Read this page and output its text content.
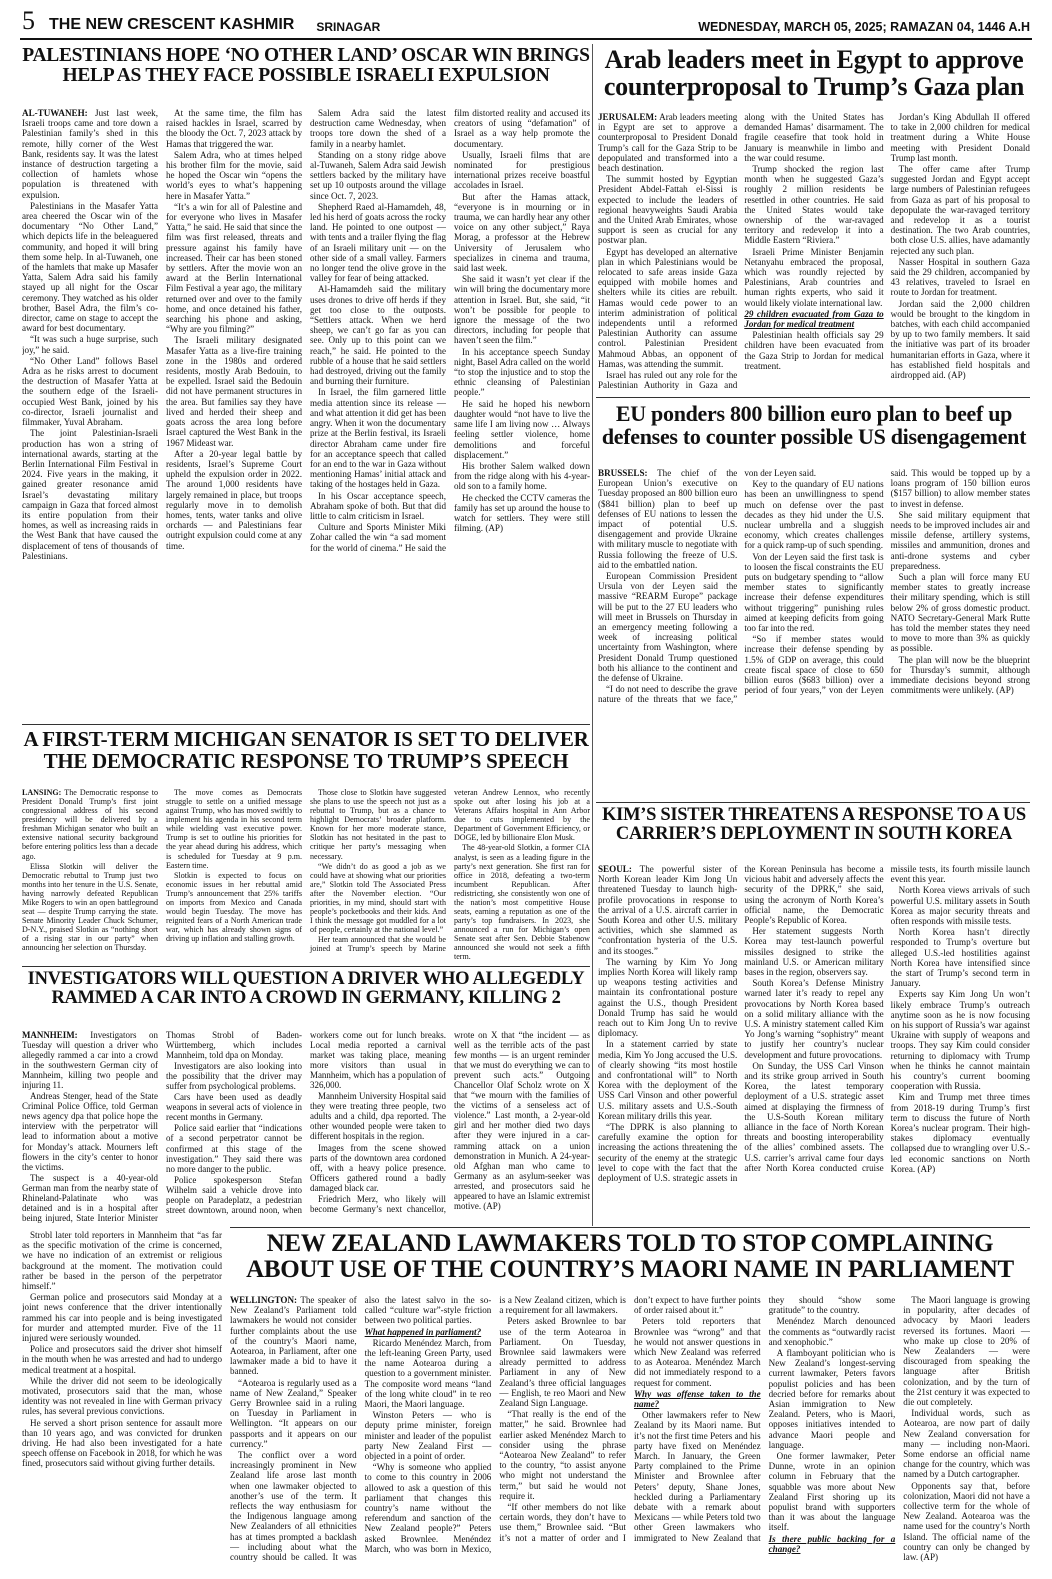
5 THE NEW CRESCENT KASHMIR SRINAGAR	WEDNESDAY, MARCH 05, 2025; RAMAZAN 04, 1446 A.H
PALESTINIANS HOPE ‘NO OTHER LAND’ OSCAR WIN BRINGS HELP AS THEY FACE POSSIBLE ISRAELI EXPULSION

AL-TUWANEH: Just last week, Israeli troops came and tore down a Palestinian family’s shed in this remote, hilly corner of the West Bank, residents say. It was the latest instance of destruction targeting a collection of hamlets whose population is threatened with expulsion.

Palestinians in the Masafer Yatta area cheered the Oscar win of the documentary “No Other Land,” which depicts life in the beleaguered community, and hoped it will bring them some help. In al-Tuwaneh, one of the hamlets that make up Masafer Yatta, Salem Adra said his family stayed up all night for the Oscar ceremony. They watched as his older brother, Basel Adra, the film’s co-director, came on stage to accept the award for best documentary.

“It was such a huge surprise, such joy,” he said.

“No Other Land” follows Basel Adra as he risks arrest to document the destruction of Masafer Yatta at the southern edge of the Israeli-occupied West Bank, joined by his co-director, Israeli journalist and filmmaker, Yuval Abraham.

The joint Palestinian-Israeli production has won a string of international awards, starting at the Berlin International Film Festival in 2024. Five years in the making, it gained greater resonance amid Israel’s devastating military campaign in Gaza that forced almost its entire population from their homes, as well as increasing raids in the West Bank that have caused the displacement of tens of thousands of Palestinians.

At the same time, the film has raised hackles in Israel, scarred by the bloody the Oct. 7, 2023 attack by Hamas that triggered the war.

Salem Adra, who at times helped his brother film for the movie, said he hoped the Oscar win “opens the world’s eyes to what’s happening here in Masafer Yatta.”

“It’s a win for all of Palestine and for everyone who lives in Masafer Yatta,” he said. He said that since the film was first released, threats and pressure against his family have increased. Their car has been stoned by settlers. After the movie won an award at the Berlin International Film Festival a year ago, the military returned over and over to the family home, and once detained his father, searching his phone and asking, “Why are you filming?”

The Israeli military designated Masafer Yatta as a live-fire training zone in the 1980s and ordered residents, mostly Arab Bedouin, to be expelled. Israel said the Bedouin did not have permanent structures in the area. But families say they have lived and herded their sheep and goats across the area long before Israel captured the West Bank in the 1967 Mideast war.

After a 20-year legal battle by residents, Israel’s Supreme Court upheld the expulsion order in 2022. The around 1,000 residents have largely remained in place, but troops regularly move in to demolish homes, tents, water tanks and olive orchards — and Palestinians fear outright expulsion could come at any time.

Salem Adra said the latest destruction came Wednesday, when troops tore down the shed of a family in a nearby hamlet.

Standing on a stony ridge above al-Tuwaneh, Salem Adra said Jewish settlers backed by the military have set up 10 outposts around the village since Oct. 7, 2023.

Shepherd Raed al-Hamamdeh, 48, led his herd of goats across the rocky land. He pointed to one outpost — with tents and a trailer flying the flag of an Israeli military unit — on the other side of a small valley. Farmers no longer tend the olive grove in the valley for fear of being attacked.

Al-Hamamdeh said the military uses drones to drive off herds if they get too close to the outposts. “Settlers attack. When we herd sheep, we can’t go far as you can see. Only up to this point can we reach,” he said. He pointed to the rubble of a house that he said settlers had destroyed, driving out the family and burning their furniture.

In Israel, the film garnered little media attention since its release — and what attention it did get has been angry. When it won the documentary prize at the Berlin festival, its Israeli director Abraham came under fire for an acceptance speech that called for an end to the war in Gaza without mentioning Hamas’ initial attack and taking of the hostages held in Gaza.

In his Oscar acceptance speech, Abraham spoke of both. But that did little to calm criticism in Israel.

Culture and Sports Minister Miki Zohar called the win “a sad moment for the world of cinema.” He said the film distorted reality and accused its creators of using “defamation” of Israel as a way help promote the documentary.

Usually, Israeli films that are nominated for prestigious international prizes receive boastful accolades in Israel.

But after the Hamas attack, “everyone is in mourning or in trauma, we can hardly hear any other voice on any other subject,” Raya Morag, a professor at the Hebrew University of Jerusalem who specializes in cinema and trauma, said last week.

She said it wasn’t yet clear if the win will bring the documentary more attention in Israel. But, she said, “it won’t be possible for people to ignore the message of the two directors, including for people that haven’t seen the film.”

In his acceptance speech Sunday night, Basel Adra called on the world “to stop the injustice and to stop the ethnic cleansing of Palestinian people.”

He said he hoped his newborn daughter would “not have to live the same life I am living now … Always feeling settler violence, home demolitions and forceful displacement.”

His brother Salem walked down from the ridge along with his 4-year-old son to a family home.

He checked the CCTV cameras the family has set up around the house to watch for settlers. They were still filming. (AP)

Arab leaders meet in Egypt to approve counterproposal to Trump’s Gaza plan

JERUSALEM: Arab leaders meeting in Egypt are set to approve a counterproposal to President Donald Trump’s call for the Gaza Strip to be depopulated and transformed into a beach destination.

The summit hosted by Egyptian President Abdel-Fattah el-Sissi is expected to include the leaders of regional heavyweights Saudi Arabia and the United Arab Emirates, whose support is seen as crucial for any postwar plan.

Egypt has developed an alternative plan in which Palestinians would be relocated to safe areas inside Gaza equipped with mobile homes and shelters while its cities are rebuilt. Hamas would cede power to an interim administration of political independents until a reformed Palestinian Authority can assume control. Palestinian President Mahmoud Abbas, an opponent of Hamas, was attending the summit.

Israel has ruled out any role for the Palestinian Authority in Gaza and along with the United States has demanded Hamas’ disarmament. The fragile ceasefire that took hold in January is meanwhile in limbo and the war could resume.

Trump shocked the region last month when he suggested Gaza’s roughly 2 million residents be resettled in other countries. He said the United States would take ownership of the war-ravaged territory and redevelop it into a Middle Eastern “Riviera.”

Israeli Prime Minister Benjamin Netanyahu embraced the proposal, which was roundly rejected by Palestinians, Arab countries and human rights experts, who said it would likely violate international law.

29 children evacuated from Gaza to Jordan for medical treatment

Palestinian health officials say 29 children have been evacuated from the Gaza Strip to Jordan for medical treatment.

Jordan’s King Abdullah II offered to take in 2,000 children for medical treatment during a White House meeting with President Donald Trump last month.

The offer came after Trump suggested Jordan and Egypt accept large numbers of Palestinian refugees from Gaza as part of his proposal to depopulate the war-ravaged territory and redevelop it as a tourist destination. The two Arab countries, both close U.S. allies, have adamantly rejected any such plan.

Nasser Hospital in southern Gaza said the 29 children, accompanied by 43 relatives, traveled to Israel en route to Jordan for treatment.

Jordan said the 2,000 children would be brought to the kingdom in batches, with each child accompanied by up to two family members. It said the initiative was part of its broader humanitarian efforts in Gaza, where it has established field hospitals and airdropped aid. (AP)

EU ponders 800 billion euro plan to beef up defenses to counter possible US disengagement

BRUSSELS: The chief of the European Union’s executive on Tuesday proposed an 800 billion euro ($841 billion) plan to beef up defenses of EU nations to lessen the impact of potential U.S. disengagement and provide Ukraine with military muscle to negotiate with Russia following the freeze of U.S. aid to the embattled nation.

European Commission President Ursula von der Leyen said the massive “REARM Europe” package will be put to the 27 EU leaders who will meet in Brussels on Thursday in an emergency meeting following a week of increasing political uncertainty from Washington, where President Donald Trump questioned both his alliance to the continent and the defense of Ukraine.

“I do not need to describe the grave nature of the threats that we face,” von der Leyen said.

Key to the quandary of EU nations has been an unwillingness to spend much on defense over the past decades as they hid under the U.S. nuclear umbrella and a sluggish economy, which creates challenges for a quick ramp-up of such spending.

Von der Leyen said the first task is to loosen the fiscal constraints the EU puts on budgetary spending to “allow member states to significantly increase their defense expenditures without triggering” punishing rules aimed at keeping deficits from going too far into the red.

“So if member states would increase their defense spending by 1.5% of GDP on average, this could create fiscal space of close to 650 billion euros ($683 billion) over a period of four years,” von der Leyen said. This would be topped up by a loans program of 150 billion euros ($157 billion) to allow member states to invest in defense.

She said military equipment that needs to be improved includes air and missile defense, artillery systems, missiles and ammunition, drones and anti-drone systems and cyber preparedness.

Such a plan will force many EU member states to greatly increase their military spending, which is still below 2% of gross domestic product. NATO Secretary-General Mark Rutte has told the member states they need to move to more than 3% as quickly as possible.

The plan will now be the blueprint for Thursday’s summit, although immediate decisions beyond strong commitments were unlikely. (AP)

A FIRST-TERM MICHIGAN SENATOR IS SET TO DELIVER THE DEMOCRATIC RESPONSE TO TRUMP’S SPEECH

LANSING: The Democratic response to President Donald Trump’s first joint congressional address of his second presidency will be delivered by a freshman Michigan senator who built an extensive national security background before entering politics less than a decade ago.

Elissa Slotkin will deliver the Democratic rebuttal to Trump just two months into her tenure in the U.S. Senate, having narrowly defeated Republican Mike Rogers to win an open battleground seat — despite Trump carrying the state. Senate Minority Leader Chuck Schumer, D-N.Y., praised Slotkin as “nothing short of a rising star in our party” when announcing her selection on Thursday.

The move comes as Democrats struggle to settle on a unified message against Trump, who has moved swiftly to implement his agenda in his second term while wielding vast executive power. Trump is set to outline his priorities for the year ahead during his address, which is scheduled for Tuesday at 9 p.m. Eastern time.

Slotkin is expected to focus on economic issues in her rebuttal amid Trump’s announcement that 25% tariffs on imports from Mexico and Canada would begin Tuesday. The move has reignited fears of a North American trade war, which has already shown signs of driving up inflation and stalling growth.

Those close to Slotkin have suggested she plans to use the speech not just as a rebuttal to Trump, but as a chance to highlight Democrats’ broader platform. Known for her more moderate stance, Slotkin has not hesitated in the past to critique her party’s messaging when necessary.

“We didn’t do as good a job as we could have at showing what our priorities are,” Slotkin told The Associated Press after the November election. “Our priorities, in my mind, should start with people’s pocketbooks and their kids. And I think the message got muddled for a lot of people, certainly at the national level.”

Her team announced that she would be joined at Trump’s speech by Marine veteran Andrew Lennox, who recently spoke out after losing his job at a Veterans Affairs hospital in Ann Arbor due to cuts implemented by the Department of Government Efficiency, or DOGE, led by billionaire Elon Musk.

The 48-year-old Slotkin, a former CIA analyst, is seen as a leading figure in the party’s next generation. She first ran for office in 2018, defeating a two-term incumbent Republican. After redistricting, she consistently won one of the nation’s most competitive House seats, earning a reputation as one of the party’s top fundraisers. In 2023, she announced a run for Michigan’s open Senate seat after Sen. Debbie Stabenow announced she would not seek a fifth term.

KIM’S SISTER THREATENS A RESPONSE TO A US CARRIER’S DEPLOYMENT IN SOUTH KOREA

SEOUL: The powerful sister of North Korean leader Kim Jong Un threatened Tuesday to launch high-profile provocations in response to the arrival of a U.S. aircraft carrier in South Korea and other U.S. military activities, which she slammed as “confrontation hysteria of the U.S. and its stooges.”

The warning by Kim Yo Jong implies North Korea will likely ramp up weapons testing activities and maintain its confrontational posture against the U.S., though President Donald Trump has said he would reach out to Kim Jong Un to revive diplomacy.

In a statement carried by state media, Kim Yo Jong accused the U.S. of clearly showing “its most hostile and confrontational will” to North Korea with the deployment of the USS Carl Vinson and other powerful U.S. military assets and U.S.-South Korean military drills this year.

“The DPRK is also planning to carefully examine the option for increasing the actions threatening the security of the enemy at the strategic level to cope with the fact that the deployment of U.S. strategic assets in the Korean Peninsula has become a vicious habit and adversely affects the security of the DPRK,” she said, using the acronym of North Korea’s official name, the Democratic People’s Republic of Korea.

Her statement suggests North Korea may test-launch powerful missiles designed to strike the mainland U.S. or American military bases in the region, observers say.

South Korea’s Defense Ministry warned later it’s ready to repel any provocations by North Korea based on a solid military alliance with the U.S. A ministry statement called Kim Yo Jong’s warning “sophistry” meant to justify her country’s nuclear development and future provocations.

On Sunday, the USS Carl Vinson and its strike group arrived in South Korea, the latest temporary deployment of a U.S. strategic asset aimed at displaying the firmness of the U.S-South Korean military alliance in the face of North Korean threats and boosting interoperability of the allies’ combined assets. The U.S. carrier’s arrival came four days after North Korea conducted cruise missile tests, its fourth missile launch event this year.

North Korea views arrivals of such powerful U.S. military assets in South Korea as major security threats and often responds with missile tests.

North Korea hasn’t directly responded to Trump’s overture but alleged U.S.-led hostilities against North Korea have intensified since the start of Trump’s second term in January.

Experts say Kim Jong Un won’t likely embrace Trump’s outreach anytime soon as he is now focusing on his support of Russia’s war against Ukraine with supply of weapons and troops. They say Kim could consider returning to diplomacy with Trump when he thinks he cannot maintain his country’s current booming cooperation with Russia.

Kim and Trump met three times from 2018-19 during Trump’s first term to discuss the future of North Korea’s nuclear program. Their high-stakes diplomacy eventually collapsed due to wrangling over U.S.-led economic sanctions on North Korea. (AP)

INVESTIGATORS WILL QUESTION A DRIVER WHO ALLEGEDLY RAMMED A CAR INTO A CROWD IN GERMANY, KILLING 2

MANNHEIM: Investigators on Tuesday will question a driver who allegedly rammed a car into a crowd in the southwestern German city of Mannheim, killing two people and injuring 11.

Andreas Stenger, head of the State Criminal Police Office, told German news agency dpa that police hope the interview with the perpetrator will lead to information about a motive for Monday’s attack. Mourners left flowers in the city’s center to honor the victims.

The suspect is a 40-year-old German man from the nearby state of Rhineland-Palatinate who was detained and is in a hospital after being injured, State Interior Minister Thomas Strobl of Baden-Württemberg, which includes Mannheim, told dpa on Monday.

Investigators are also looking into the possibility that the driver may suffer from psychological problems.

Cars have been used as deadly weapons in several acts of violence in recent months in Germany.

Police said earlier that “indications of a second perpetrator cannot be confirmed at this stage of the investigation.” They said there was no more danger to the public.

Police spokesperson Stefan Wilhelm said a vehicle drove into people on Paradeplatz, a pedestrian street downtown, around noon, when workers come out for lunch breaks. Local media reported a carnival market was taking place, meaning more visitors than usual in Mannheim, which has a population of 326,000.

Mannheim University Hospital said they were treating three people, two adults and a child, dpa reported. The other wounded people were taken to different hospitals in the region.

Images from the scene showed parts of the downtown area cordoned off, with a heavy police presence. Officers gathered round a badly damaged black car.

Friedrich Merz, who likely will become Germany’s next chancellor, wrote on X that “the incident — as well as the terrible acts of the past few months — is an urgent reminder that we must do everything we can to prevent such acts.” Outgoing Chancellor Olaf Scholz wrote on X that “we mourn with the families of the victims of a senseless act of violence.” Last month, a 2-year-old girl and her mother died two days after they were injured in a car-ramming attack on a union demonstration in Munich. A 24-year-old Afghan man who came to Germany as an asylum-seeker was arrested, and prosecutors said he appeared to have an Islamic extremist motive. (AP)

Strobl later told reporters in Mannheim that “as far as the specific motivation of the crime is concerned, we have no indication of an extremist or religious background at the moment. The motivation could rather be based in the person of the perpetrator himself.”

German police and prosecutors said Monday at a joint news conference that the driver intentionally rammed his car into people and is being investigated for murder and attempted murder. Five of the 11 injured were seriously wounded.

Police and prosecutors said the driver shot himself in the mouth when he was arrested and had to undergo medical treatment at a hospital.

While the driver did not seem to be ideologically motivated, prosecutors said that the man, whose identity was not revealed in line with German privacy rules, has several previous convictions.

He served a short prison sentence for assault more than 10 years ago, and was convicted for drunken driving. He had also been investigated for a hate speech offense on Facebook in 2018, for which he was fined, prosecutors said without giving further details.

NEW ZEALAND LAWMAKERS TOLD TO STOP COMPLAINING ABOUT USE OF THE COUNTRY’S MAORI NAME IN PARLIAMENT

WELLINGTON: The speaker of New Zealand’s Parliament told lawmakers he would not consider further complaints about the use of the country’s Maori name, Aotearoa, in Parliament, after one lawmaker made a bid to have it banned.

“Aotearoa is regularly used as a name of New Zealand,” Speaker Gerry Brownlee said in a ruling on Tuesday in Parliament in Wellington. “It appears on our passports and it appears on our currency.”

The conflict over a word increasingly prominent in New Zealand life arose last month when one lawmaker objected to another’s use of the term. It reflects the way enthusiasm for the Indigenous language among New Zealanders of all ethnicities has at times prompted a backlash — including about what the country should be called. It was also the latest salvo in the so-called “culture war”-style friction between two political parties.

What happened in parliament?

Ricardo Menéndez March, from the left-leaning Green Party, used the name Aotearoa during a question to a government minister. The composite word means “land of the long white cloud” in te reo Maori, the Maori language.

Winston Peters — who is deputy prime minister, foreign minister and leader of the populist party New Zealand First — objected in a point of order.

“Why is someone who applied to come to this country in 2006 allowed to ask a question of this parliament that changes this country’s name without the referendum and sanction of the New Zealand people?” Peters asked Brownlee. Menéndez March, who was born in Mexico, is a New Zealand citizen, which is a requirement for all lawmakers.

Peters asked Brownlee to bar use of the term Aotearoa in Parliament. On Tuesday, Brownlee said lawmakers were already permitted to address Parliament in any of New Zealand’s three official languages — English, te reo Maori and New Zealand Sign Language.

“That really is the end of the matter,” he said. Brownlee had earlier asked Menéndez March to consider using the phrase “Aotearoa New Zealand” to refer to the country, “to assist anyone who might not understand the term,” but said he would not require it.

“If other members do not like certain words, they don’t have to use them,” Brownlee said. “But it’s not a matter of order and I don’t expect to have further points of order raised about it.”

Peters told reporters that Brownlee was “wrong” and that he would not answer questions in which New Zealand was referred to as Aotearoa. Menéndez March did not immediately respond to a request for comment.

Why was offense taken to the name?

Other lawmakers refer to New Zealand by its Maori name. But it’s not the first time Peters and his party have fixed on Menéndez March. In January, the Green Party complained to the Prime Minister and Brownlee after Peters’ deputy, Shane Jones, heckled during a Parliamentary debate with a remark about Mexicans — while Peters told two other Green lawmakers who immigrated to New Zealand that they should “show some gratitude” to the country.

Menéndez March denounced the comments as “outwardly racist and xenophobic.”

A flamboyant politician who is New Zealand’s longest-serving current lawmaker, Peters favors populist policies and has been decried before for remarks about Asian immigration to New Zealand. Peters, who is Maori, opposes initiatives intended to advance Maori people and language.

One former lawmaker, Peter Dunne, wrote in an opinion column in February that the squabble was more about New Zealand First shoring up its populist brand with supporters than it was about the language itself.

Is there public backing for a change?

The Maori language is growing in popularity, after decades of advocacy by Maori leaders reversed its fortunes. Maori — who make up close to 20% of New Zealanders — were discouraged from speaking the language after British colonization, and by the turn of the 21st century it was expected to die out completely.

Individual words, such as Aotearoa, are now part of daily New Zealand conversation for many — including non-Maori. Some endorse an official name change for the country, which was named by a Dutch cartographer.

Opponents say that, before colonization, Maori did not have a collective term for the whole of New Zealand. Aotearoa was the name used for the country’s North Island. The official name of the country can only be changed by law. (AP)
